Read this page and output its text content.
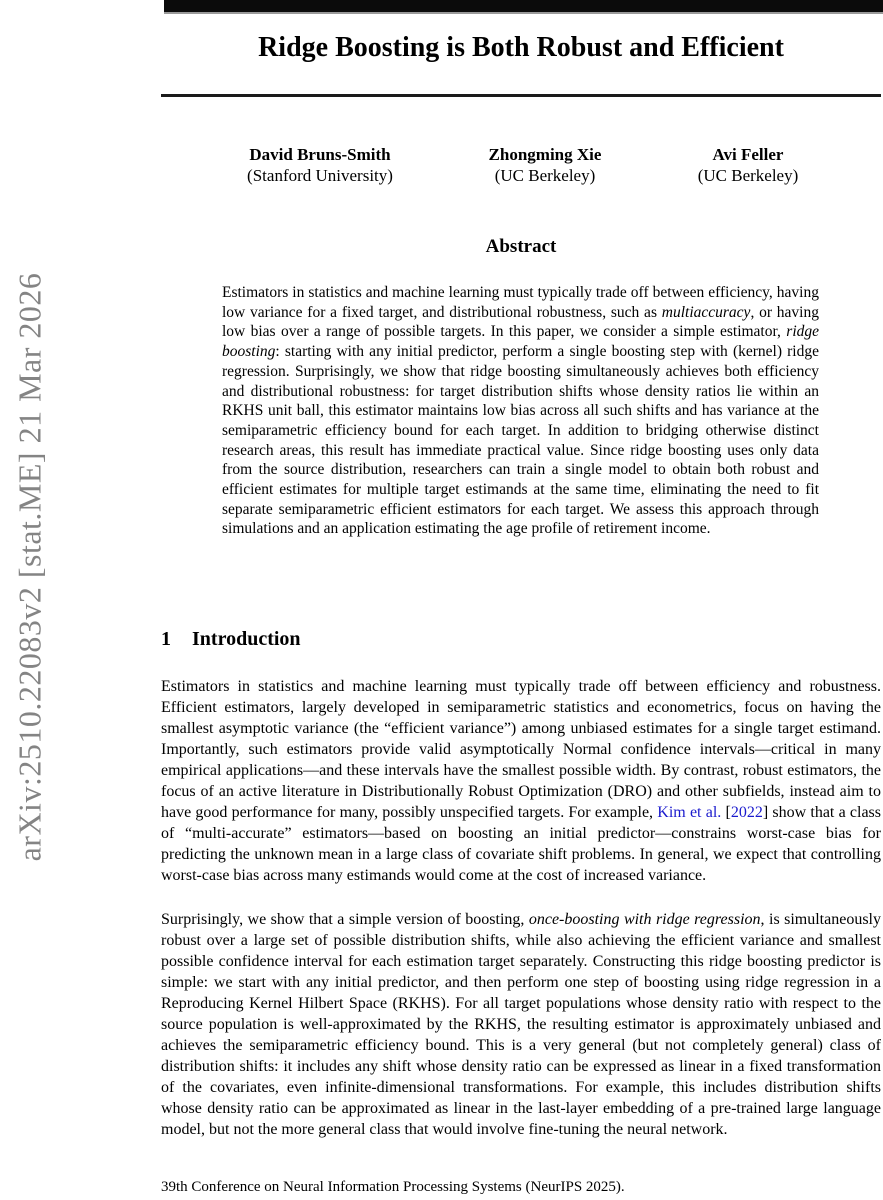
arXiv:2510.22083v2 [stat.ME] 21 Mar 2026
Ridge Boosting is Both Robust and Efficient
David Bruns-Smith
(Stanford University)
Zhongming Xie
(UC Berkeley)
Avi Feller
(UC Berkeley)
Abstract
Estimators in statistics and machine learning must typically trade off between efficiency, having low variance for a fixed target, and distributional robustness, such as multiaccuracy, or having low bias over a range of possible targets. In this paper, we consider a simple estimator, ridge boosting: starting with any initial predictor, perform a single boosting step with (kernel) ridge regression. Surprisingly, we show that ridge boosting simultaneously achieves both efficiency and distributional robustness: for target distribution shifts whose density ratios lie within an RKHS unit ball, this estimator maintains low bias across all such shifts and has variance at the semiparametric efficiency bound for each target. In addition to bridging otherwise distinct research areas, this result has immediate practical value. Since ridge boosting uses only data from the source distribution, researchers can train a single model to obtain both robust and efficient estimates for multiple target estimands at the same time, eliminating the need to fit separate semiparametric efficient estimators for each target. We assess this approach through simulations and an application estimating the age profile of retirement income.
1 Introduction
Estimators in statistics and machine learning must typically trade off between efficiency and robustness. Efficient estimators, largely developed in semiparametric statistics and econometrics, focus on having the smallest asymptotic variance (the “efficient variance”) among unbiased estimates for a single target estimand. Importantly, such estimators provide valid asymptotically Normal confidence intervals—critical in many empirical applications—and these intervals have the smallest possible width. By contrast, robust estimators, the focus of an active literature in Distributionally Robust Optimization (DRO) and other subfields, instead aim to have good performance for many, possibly unspecified targets. For example, Kim et al. [2022] show that a class of “multi-accurate” estimators—based on boosting an initial predictor—constrains worst-case bias for predicting the unknown mean in a large class of covariate shift problems. In general, we expect that controlling worst-case bias across many estimands would come at the cost of increased variance.
Surprisingly, we show that a simple version of boosting, once-boosting with ridge regression, is simultaneously robust over a large set of possible distribution shifts, while also achieving the efficient variance and smallest possible confidence interval for each estimation target separately. Constructing this ridge boosting predictor is simple: we start with any initial predictor, and then perform one step of boosting using ridge regression in a Reproducing Kernel Hilbert Space (RKHS). For all target populations whose density ratio with respect to the source population is well-approximated by the RKHS, the resulting estimator is approximately unbiased and achieves the semiparametric efficiency bound. This is a very general (but not completely general) class of distribution shifts: it includes any shift whose density ratio can be expressed as linear in a fixed transformation of the covariates, even infinite-dimensional transformations. For example, this includes distribution shifts whose density ratio can be approximated as linear in the last-layer embedding of a pre-trained large language model, but not the more general class that would involve fine-tuning the neural network.
39th Conference on Neural Information Processing Systems (NeurIPS 2025).
